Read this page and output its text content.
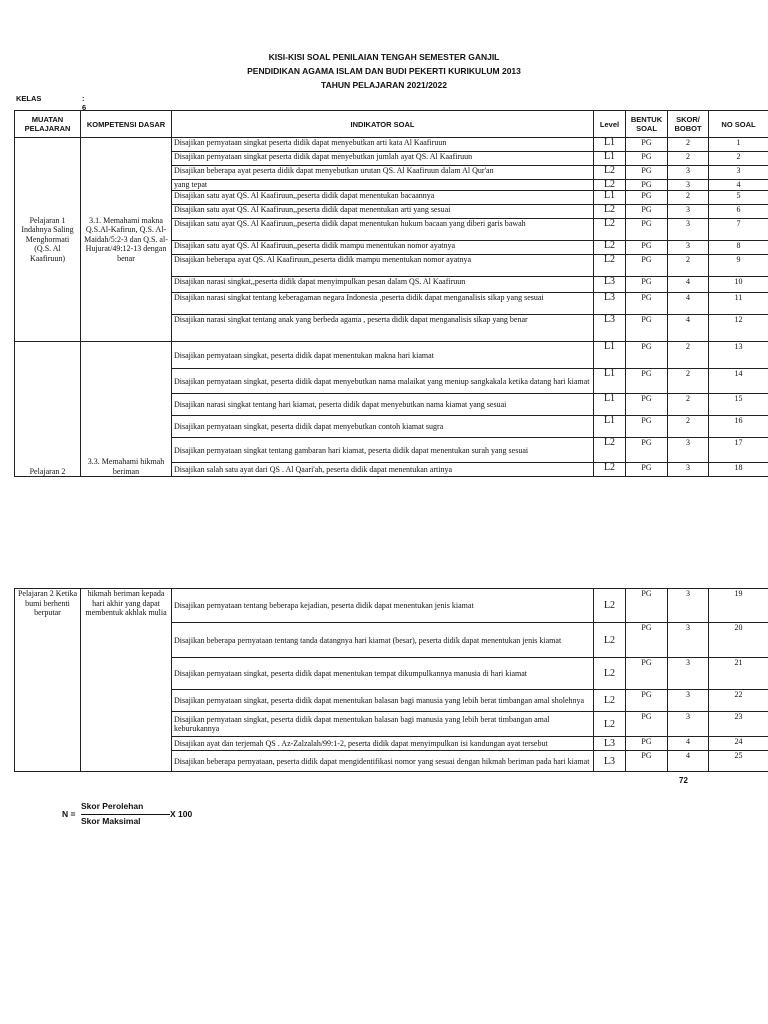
KISI-KISI SOAL PENILAIAN TENGAH SEMESTER GANJIL
PENDIDIKAN AGAMA ISLAM DAN BUDI PEKERTI KURIKULUM 2013
TAHUN PELAJARAN 2021/2022
KELAS	: 6
MUATAN PELAJARAN	KOMPETENSI DASAR	INDIKATOR SOAL	Level	BENTUK SOAL	SKOR/ BOBOT	NO SOAL
Pelajaran 1 Indahnya Saling Menghormati (Q.S. Al Kaafiruun)	3.1. Memahami makna Q.S.Al-Kafirun, Q.S. Al-Maidah/5:2-3 dan Q.S. al-Hujurat/49:12-13 dengan benar	Disajikan pernyataan singkat peserta didik dapat menyebutkan arti kata Al Kaafiruun	L1	PG	2	1
		Disajikan pernyataan singkat peserta didik dapat menyebutkan jumlah ayat QS. Al Kaafiruun	L1	PG	2	2
		Disajikan beberapa ayat peserta didik dapat menyebutkan urutan QS. Al Kaafiruun dalam Al Qur'an	L2	PG	3	3
		yang tepat	L2	PG	3	4
		Disajikan satu ayat QS. Al Kaafiruun,,peserta didik dapat menentukan bacaannya	L1	PG	2	5
		Disajikan satu ayat QS. Al Kaafiruun,,peserta didik dapat menentukan arti yang sesuai	L2	PG	3	6
		Disajikan satu ayat QS. Al Kaafiruun,,peserta didik dapat menentukan hukum bacaan yang diberi garis bawah	L2	PG	3	7
		Disajikan satu ayat QS. Al Kaafiruun,,peserta didik mampu menentukan nomor ayatnya	L2	PG	3	8
		Disajikan beberapa ayat QS. Al Kaafiruun,,peserta didik mampu menentukan nomor ayatnya	L2	PG	2	9
		Disajikan narasi singkat,,peserta didik dapat menyimpulkan pesan dalam QS. Al Kaafiruun	L3	PG	4	10
		Disajikan narasi singkat tentang keberagaman negara Indonesia ,peserta didik dapat menganalisis sikap yang sesuai	L3	PG	4	11
		Disajikan narasi singkat tentang anak yang berbeda agama , peserta didik dapat menganalisis sikap yang benar	L3	PG	4	12

Pelajaran 2	3.3. Memahami hikmah beriman	Disajikan pernyataan singkat, peserta didik dapat menentukan makna hari kiamat	L1	PG	2	13
		Disajikan pernyataan singkat, peserta didik dapat menyebutkan nama malaikat yang meniup sangkakala ketika datang hari kiamat	L1	PG	2	14
		Disajikan narasi singkat tentang hari kiamat, peserta didik dapat menyebutkan nama kiamat yang sesuai	L1	PG	2	15
		Disajikan pernyataan singkat, peserta didik dapat menyebutkan contoh kiamat sugra	L1	PG	2	16
		Disajikan pernyataan singkat tentang gambaran hari kiamat, peserta didik dapat menentukan surah yang sesuai	L2	PG	3	17
		Disajikan salah satu ayat dari QS . Al Qaari'ah, peserta didik dapat menentukan artinya	L2	PG	3	18
Pelajaran 2 Ketika bumi berhenti berputar	hikmah beriman kepada hari akhir yang dapat membentuk akhlak mulia	Disajikan pernyataan tentang beberapa kejadian, peserta didik dapat menentukan jenis kiamat	L2	PG	3	19
		Disajikan beberapa pernyataan tentang tanda datangnya hari kiamat (besar), peserta didik dapat menentukan jenis kiamat	L2	PG	3	20
		Disajikan pernyataan singkat, peserta didik dapat menentukan tempat dikumpulkannya manusia di hari kiamat	L2	PG	3	21
		Disajikan pernyataan singkat, peserta didik dapat menentukan balasan bagi manusia yang lebih berat timbangan amal sholehnya	L2	PG	3	22
		Disajikan pernyataan singkat, peserta didik dapat menentukan balasan bagi manusia yang lebih berat timbangan amal keburukannya	L2	PG	3	23
		Disajikan ayat dan terjemah QS . Az-Zalzalah/99:1-2, peserta didik dapat menyimpulkan isi kandungan ayat tersebut	L3	PG	4	24
		Disajikan beberapa pernyataan, peserta didik dapat mengidentifikasi nomor yang sesuai dengan hikmah beriman pada hari kiamat	L3	PG	4	25
72
N =
Skor Perolehan
Skor Maksimal
X 100
